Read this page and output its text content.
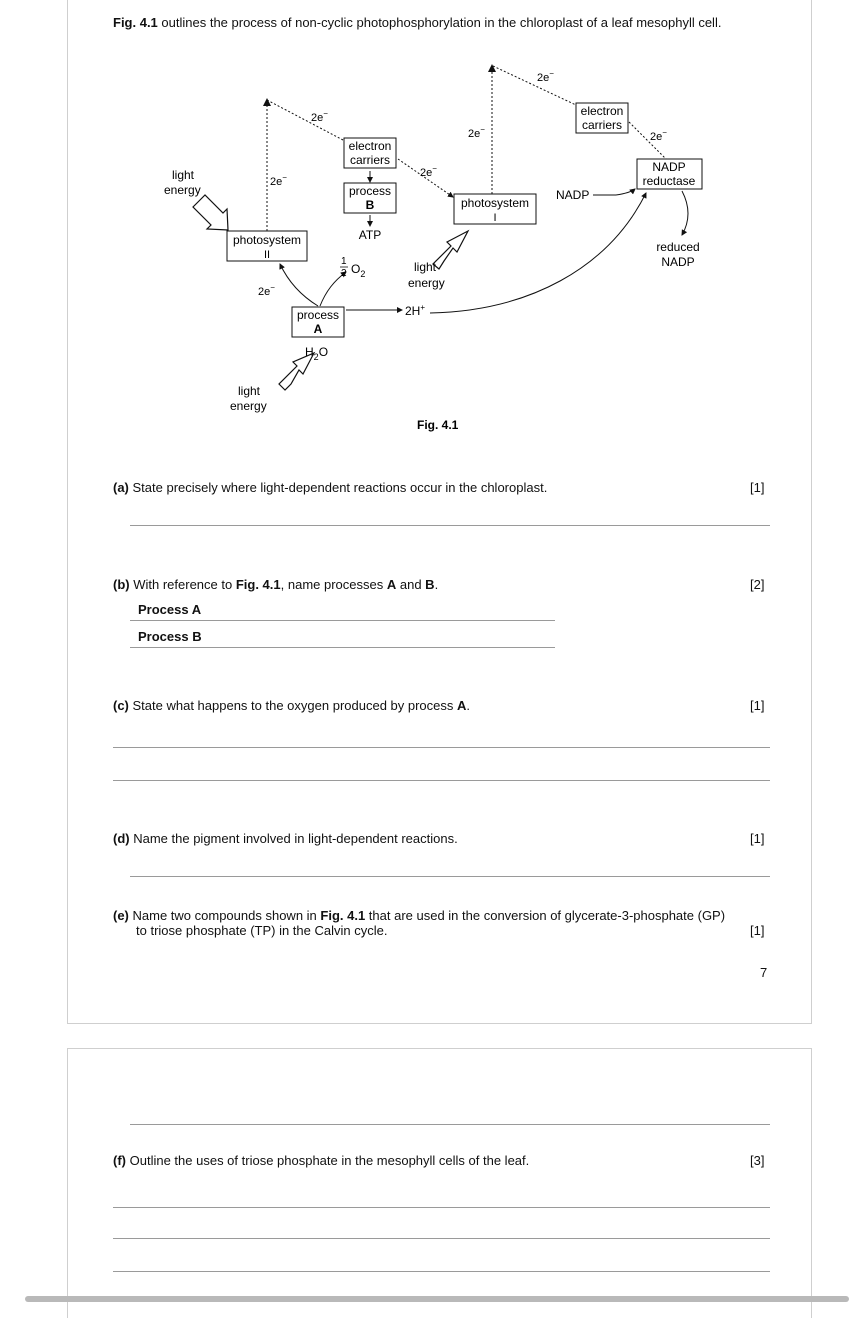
Fig. 4.1 outlines the process of non-cyclic photophosphorylation in the chloroplast of a leaf mesophyll cell.
light
energy
photosystem
II
2e−
2e−
electron
carriers
process
B
ATP
2e−
photosystem
I
2e−
2e−
electron
carriers
2e−
NADP
reductase
NADP
reduced
NADP
2H+
light
energy
process
A
1
2 $O_2$
2e−
$H_2O$
light
energy
Fig. 4.1
(a) State precisely where light-dependent reactions occur in the chloroplast.	[1]
(b) With reference to Fig. 4.1, name processes A and B.	[2]
Process A
Process B
(c) State what happens to the oxygen produced by process A.	[1]
(d) Name the pigment involved in light-dependent reactions.	[1]
(e) Name two compounds shown in Fig. 4.1 that are used in the conversion of glycerate-3-phosphate (GP)
to triose phosphate (TP) in the Calvin cycle.	[1]
7
(f) Outline the uses of triose phosphate in the mesophyll cells of the leaf.	[3]
